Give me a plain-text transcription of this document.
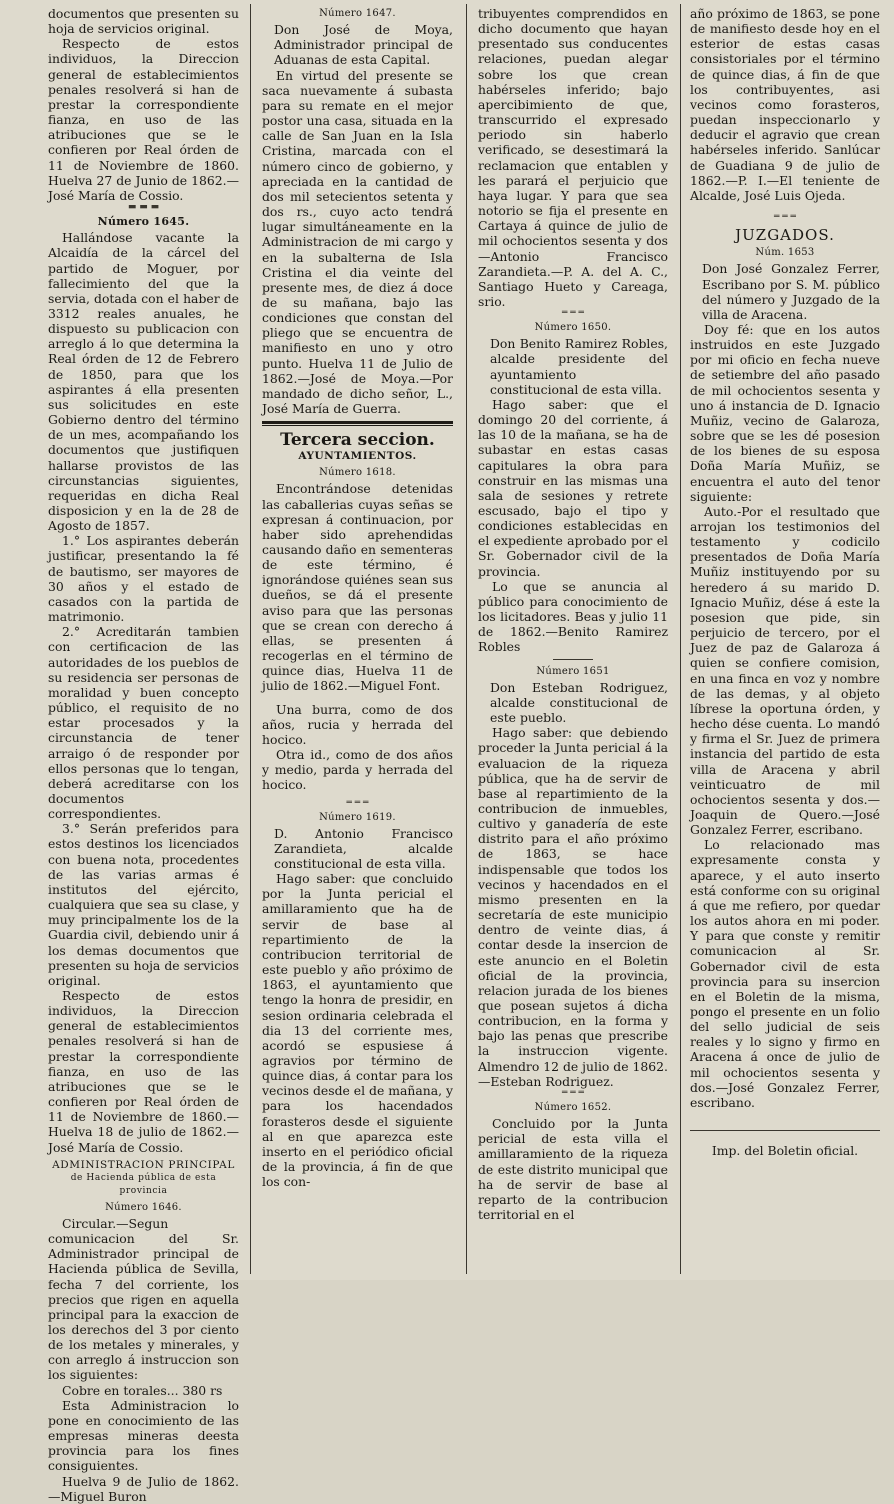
documentos que presenten su hoja de servicios original.

Respecto de estos individuos, la Direccion general de establecimientos penales resolverá si han de prestar la correspondiente fianza, en uso de las atribuciones que se le confieren por Real órden de 11 de Noviembre de 1860. Huelva 27 de Junio de 1862.—José María de Cossio.

▬ ▬ ▬

Número 1645.

Hallándose vacante la Alcaidía de la cárcel del partido de Moguer, por fallecimiento del que la servia, dotada con el haber de 3312 reales anuales, he dispuesto su publicacion con arreglo á lo que determina la Real órden de 12 de Febrero de 1850, para que los aspirantes á ella presenten sus solicitudes en este Gobierno dentro del término de un mes, acompañando los documentos que justifiquen hallarse provistos de las circunstancias siguientes, requeridas en dicha Real disposicion y en la de 28 de Agosto de 1857.

1.° Los aspirantes deberán justificar, presentando la fé de bautismo, ser mayores de 30 años y el estado de casados con la partida de matrimonio.

2.° Acreditarán tambien con certificacion de las autoridades de los pueblos de su residencia ser personas de moralidad y buen concepto público, el requisito de no estar procesados y la circunstancia de tener arraigo ó de responder por ellos personas que lo tengan, deberá acreditarse con los documentos correspondientes.

3.° Serán preferidos para estos destinos los licenciados con buena nota, procedentes de las varias armas é institutos del ejército, cualquiera que sea su clase, y muy principalmente los de la Guardia civil, debiendo unir á los demas documentos que presenten su hoja de servicios original.

Respecto de estos individuos, la Direccion general de establecimientos penales resolverá si han de prestar la correspondiente fianza, en uso de las atribuciones que se le confieren por Real órden de 11 de Noviembre de 1860.—Huelva 18 de julio de 1862.—José María de Cossio.

ADMINISTRACION PRINCIPAL

de Hacienda pública de esta provincia

Número 1646.

Circular.—Segun comunicacion del Sr. Administrador principal de Hacienda pública de Sevilla, fecha 7 del corriente, los precios que rigen en aquella principal para la exaccion de los derechos del 3 por ciento de los metales y minerales, y con arreglo á instruccion son los siguientes:

Cobre en torales... 380 rs

Esta Administracion lo pone en conocimiento de las empresas mineras deesta provincia para los fines consiguientes.

Huelva 9 de Julio de 1862.—Miguel Buron

Número 1647.

Don José de Moya, Administrador principal de Aduanas de esta Capital.

En virtud del presente se saca nuevamente á subasta para su remate en el mejor postor una casa, situada en la calle de San Juan en la Isla Cristina, marcada con el número cinco de gobierno, y apreciada en la cantidad de dos mil setecientos setenta y dos rs., cuyo acto tendrá lugar simultáneamente en la Administracion de mi cargo y en la subalterna de Isla Cristina el dia veinte del presente mes, de diez á doce de su mañana, bajo las condiciones que constan del pliego que se encuentra de manifiesto en uno y otro punto. Huelva 11 de Julio de 1862.—José de Moya.—Por mandado de dicho señor, L., José María de Guerra.

Tercera seccion.

AYUNTAMIENTOS.

Número 1618.

Encontrándose detenidas las caballerias cuyas señas se expresan á continuacion, por haber sido aprehendidas causando daño en sementeras de este término, é ignorándose quiénes sean sus dueños, se dá el presente aviso para que las personas que se crean con derecho á ellas, se presenten á recogerlas en el término de quince dias, Huelva 11 de julio de 1862.—Miguel Font.

Una burra, como de dos años, rucia y herrada del hocico.

Otra id., como de dos años y medio, parda y herrada del hocico.

═ ═ ═

Número 1619.

D. Antonio Francisco Zarandieta, alcalde constitucional de esta villa.

Hago saber: que concluido por la Junta pericial el amillaramiento que ha de servir de base al repartimiento de la contribucion territorial de este pueblo y año próximo de 1863, el ayuntamiento que tengo la honra de presidir, en sesion ordinaria celebrada el dia 13 del corriente mes, acordó se espusiese á agravios por término de quince dias, á contar para los vecinos desde el de mañana, y para los hacendados forasteros desde el siguiente al en que aparezca este inserto en el periódico oficial de la provincia, á fin de que los con-

tribuyentes comprendidos en dicho documento que hayan presentado sus conducentes relaciones, puedan alegar sobre los que crean habérseles inferido; bajo apercibimiento de que, transcurrido el expresado periodo sin haberlo verificado, se desestimará la reclamacion que entablen y les parará el perjuicio que haya lugar. Y para que sea notorio se fija el presente en Cartaya á quince de julio de mil ochocientos sesenta y dos —Antonio Francisco Zarandieta.—P. A. del A. C., Santiago Hueto y Careaga, srio.

═ ═ ═

Número 1650.

Don Benito Ramirez Robles, alcalde presidente del ayuntamiento constitucional de esta villa.

Hago saber: que el domingo 20 del corriente, á las 10 de la mañana, se ha de subastar en estas casas capitulares la obra para construir en las mismas una sala de sesiones y retrete escusado, bajo el tipo y condiciones establecidas en el expediente aprobado por el Sr. Gobernador civil de la provincia.

Lo que se anuncia al público para conocimiento de los licitadores. Beas y julio 11 de 1862.—Benito Ramirez Robles

Número 1651

Don Esteban Rodriguez, alcalde constitucional de este pueblo.

Hago saber: que debiendo proceder la Junta pericial á la evaluacion de la riqueza pública, que ha de servir de base al repartimiento de la contribucion de inmuebles, cultivo y ganadería de este distrito para el año próximo de 1863, se hace indispensable que todos los vecinos y hacendados en el mismo presenten en la secretaría de este municipio dentro de veinte dias, á contar desde la insercion de este anuncio en el Boletin oficial de la provincia, relacion jurada de los bienes que posean sujetos á dicha contribucion, en la forma y bajo las penas que prescribe la instruccion vigente. Almendro 12 de julio de 1862.—Esteban Rodriguez.

═ ═ ═

Número 1652.

Concluido por la Junta pericial de esta villa el amillaramiento de la riqueza de este distrito municipal que ha de servir de base al reparto de la contribucion territorial en el

año próximo de 1863, se pone de manifiesto desde hoy en el esterior de estas casas consistoriales por el término de quince dias, á fin de que los contribuyentes, asi vecinos como forasteros, puedan inspeccionarlo y deducir el agravio que crean habérseles inferido. Sanlúcar de Guadiana 9 de julio de 1862.—P. I.—El teniente de Alcalde, José Luis Ojeda.

═ ═ ═

JUZGADOS.

Núm. 1653

Don José Gonzalez Ferrer, Escribano por S. M. público del número y Juzgado de la villa de Aracena.

Doy fé: que en los autos instruidos en este Juzgado por mi oficio en fecha nueve de setiembre del año pasado de mil ochocientos sesenta y uno á instancia de D. Ignacio Muñiz, vecino de Galaroza, sobre que se les dé posesion de los bienes de su esposa Doña María Muñiz, se encuentra el auto del tenor siguiente:

Auto.-Por el resultado que arrojan los testimonios del testamento y codicilo presentados de Doña María Muñiz instituyendo por su heredero á su marido D. Ignacio Muñiz, dése á este la posesion que pide, sin perjuicio de tercero, por el Juez de paz de Galaroza á quien se confiere comision, en una finca en voz y nombre de las demas, y al objeto líbrese la oportuna órden, y hecho dése cuenta. Lo mandó y firma el Sr. Juez de primera instancia del partido de esta villa de Aracena y abril veinticuatro de mil ochocientos sesenta y dos.—Joaquin de Quero.—José Gonzalez Ferrer, escribano.

Lo relacionado mas expresamente consta y aparece, y el auto inserto está conforme con su original á que me refiero, por quedar los autos ahora en mi poder. Y para que conste y remitir comunicacion al Sr. Gobernador civil de esta provincia para su insercion en el Boletin de la misma, pongo el presente en un folio del sello judicial de seis reales y lo signo y firmo en Aracena á once de julio de mil ochocientos sesenta y dos.—José Gonzalez Ferrer, escribano.

Imp. del Boletin oficial.
